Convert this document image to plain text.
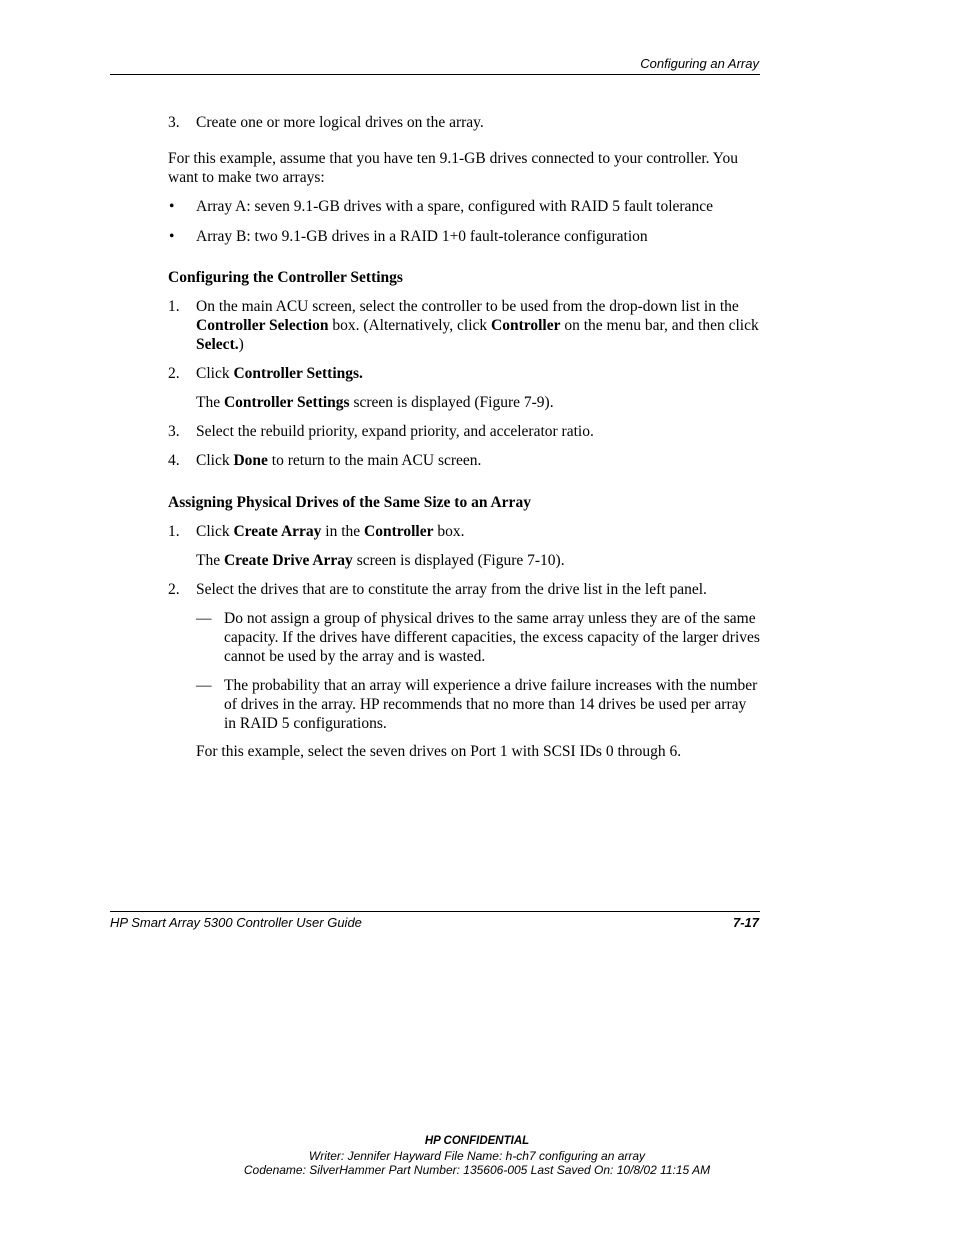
Configuring an Array
3. Create one or more logical drives on the array.
For this example, assume that you have ten 9.1-GB drives connected to your controller. You want to make two arrays:
• Array A: seven 9.1-GB drives with a spare, configured with RAID 5 fault tolerance
• Array B: two 9.1-GB drives in a RAID 1+0 fault-tolerance configuration
Configuring the Controller Settings
1. On the main ACU screen, select the controller to be used from the drop-down list in the Controller Selection box. (Alternatively, click Controller on the menu bar, and then click Select.)
2. Click Controller Settings.
The Controller Settings screen is displayed (Figure 7-9).
3. Select the rebuild priority, expand priority, and accelerator ratio.
4. Click Done to return to the main ACU screen.
Assigning Physical Drives of the Same Size to an Array
1. Click Create Array in the Controller box.
The Create Drive Array screen is displayed (Figure 7-10).
2. Select the drives that are to constitute the array from the drive list in the left panel.
— Do not assign a group of physical drives to the same array unless they are of the same capacity. If the drives have different capacities, the excess capacity of the larger drives cannot be used by the array and is wasted.
— The probability that an array will experience a drive failure increases with the number of drives in the array. HP recommends that no more than 14 drives be used per array in RAID 5 configurations.
For this example, select the seven drives on Port 1 with SCSI IDs 0 through 6.
HP Smart Array 5300 Controller User Guide	7-17
HP CONFIDENTIAL
Writer: Jennifer Hayward File Name: h-ch7 configuring an array
Codename: SilverHammer Part Number: 135606-005 Last Saved On: 10/8/02 11:15 AM
